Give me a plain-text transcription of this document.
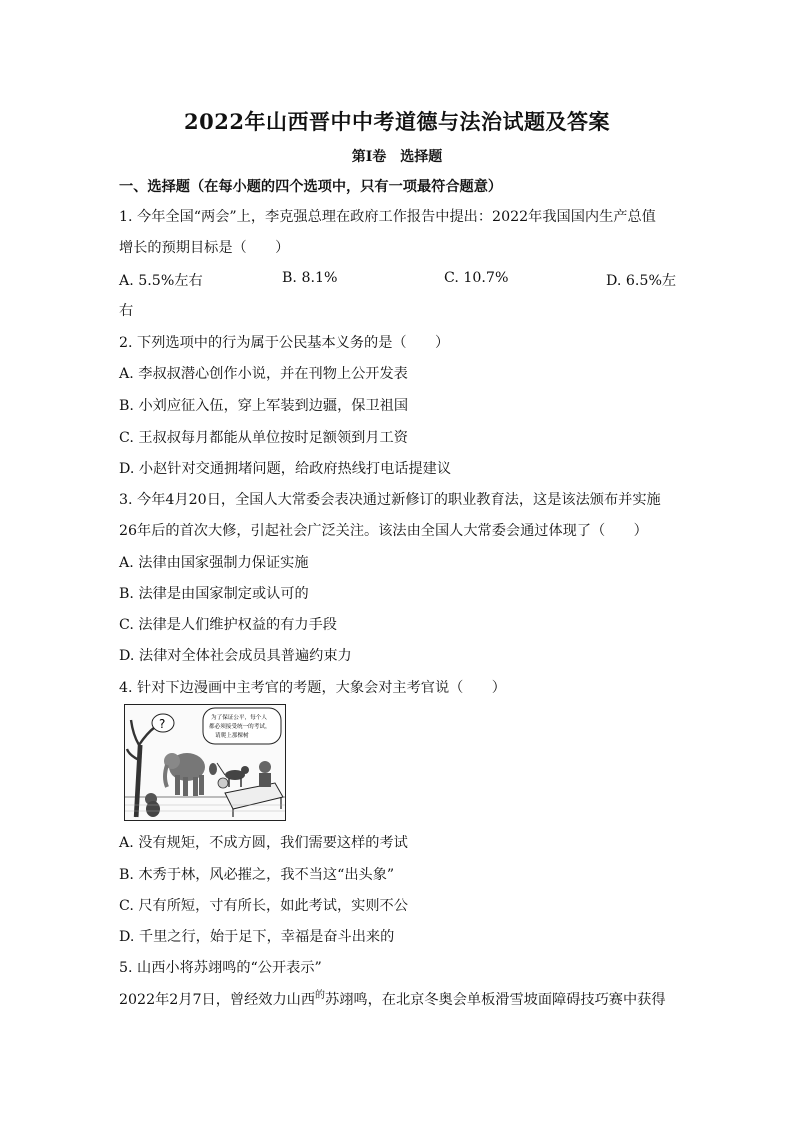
2022年山西晋中中考道德与法治试题及答案
第Ⅰ卷　选择题
一、选择题（在每小题的四个选项中，只有一项最符合题意）
1. 今年全国“两会”上，李克强总理在政府工作报告中提出：2022年我国国内生产总值
增长的预期目标是（　　）
A. 5.5%左右	B. 8.1%	C. 10.7%	D. 6.5%左
右
2. 下列选项中的行为属于公民基本义务的是（　　）
A. 李叔叔潜心创作小说，并在刊物上公开发表
B. 小刘应征入伍，穿上军装到边疆，保卫祖国
C. 王叔叔每月都能从单位按时足额领到月工资
D. 小赵针对交通拥堵问题，给政府热线打电话提建议
3. 今年4月20日，全国人大常委会表决通过新修订的职业教育法，这是该法颁布并实施
26年后的首次大修，引起社会广泛关注。该法由全国人大常委会通过体现了（　　）
A. 法律由国家强制力保证实施
B. 法律是由国家制定或认可的
C. 法律是人们维护权益的有力手段
D. 法律对全体社会成员具普遍约束力
4. 针对下边漫画中主考官的考题，大象会对主考官说（　　）
?	为了保证公平，每个人
都必须接受统一的考试，
请爬上那棵树
A. 没有规矩，不成方圆，我们需要这样的考试
B. 木秀于林，风必摧之，我不当这“出头象”
C. 尺有所短，寸有所长，如此考试，实则不公
D. 千里之行，始于足下，幸福是奋斗出来的
5. 山西小将苏翊鸣的“公开表示”
2022年2月7日，曾经效力山西$^的$苏翊鸣，在北京冬奥会单板滑雪坡面障碍技巧赛中获得
